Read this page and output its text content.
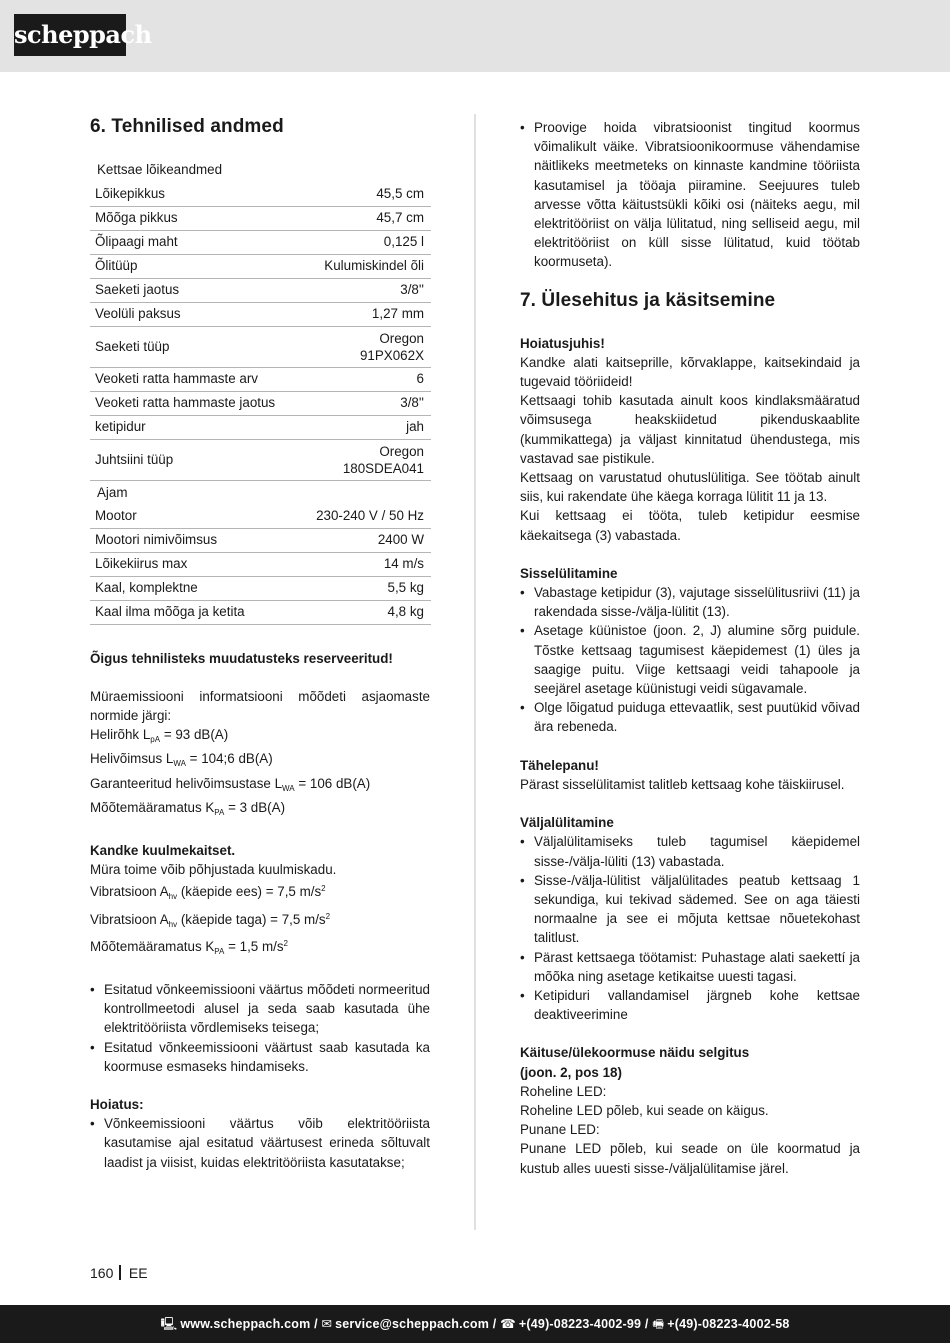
scheppach
6. Tehnilised andmed
Kettsae lõikeandmed	
Lõikepikkus	45,5 cm
Mõõga pikkus	45,7 cm
Õlipaagi maht	0,125 l
Õlitüüp	Kulumiskindel õli
Saeketi jaotus	3/8''
Veolüli paksus	1,27 mm
Saeketi tüüp	Oregon
91PX062X

Veoketi ratta hammaste arv	6
Veoketi ratta hammaste jaotus	3/8''
ketipidur	jah
Juhtsiini tüüp	Oregon
180SDEA041

Ajam	
Mootor	230-240 V / 50 Hz
Mootori nimivõimsus	2400 W
Lõikekiirus max	14 m/s
Kaal, komplektne	5,5 kg
Kaal ilma mõõga ja ketita	4,8 kg

Õigus tehnilisteks muudatusteks reserveeritud!

Müraemissiooni informatsiooni mõõdeti asjaomaste normide järgi:

Helirõhk $L_{pA} = 93$ dB(A)

Helivõimsus $L_{WA}$ = 104;6 dB(A)

Garanteeritud helivõimsustase $L_{WA} = 106$ dB(A)

Mõõtemääramatus $K_{PA} = 3$ dB(A)

Kandke kuulmekaitset.

Müra toime võib põhjustada kuulmiskadu.

Vibratsioon $A_{hv}$ (käepide ees) = 7,5 $m/s^2$

Vibratsioon $A_{hv}$ (käepide taga) = 7,5 $m/s^2$

Mõõtemääramatus $K_{PA} = 1,5$ $m/s^2$

• Esitatud võnkeemissiooni väärtus mõõdeti normeeritud kontrollmeetodi alusel ja seda saab kasutada ühe elektritööriista võrdlemiseks teisega;
• Esitatud võnkeemissiooni väärtust saab kasutada ka koormuse esmaseks hindamiseks.

Hoiatus:

• Võnkeemissiooni väärtus võib elektritööriista kasutamise ajal esitatud väärtusest erineda sõltuvalt laadist ja viisist, kuidas elektritööriista kasutatakse;
• Proovige hoida vibratsioonist tingitud koormus võimalikult väike. Vibratsioonikoormuse vähendamise näitlikeks meetmeteks on kinnaste kandmine tööriista kasutamisel ja tööaja piiramine. Seejuures tuleb arvesse võtta käitustsükli kõiki osi (näiteks aegu, mil elektritööriist on välja lülitatud, ning selliseid aegu, mil elektritööriist on küll sisse lülitatud, kuid töötab koormuseta).
7. Ülesehitus ja käsitsemine

Hoiatusjuhis!

Kandke alati kaitseprille, kõrvaklappe, kaitsekindaid ja tugevaid tööriideid!

Kettsaagi tohib kasutada ainult koos kindlaksmääratud võimsusega heakskiidetud pikenduskaablite (kummikattega) ja väljast kinnitatud ühendustega, mis vastavad sae pistikule.

Kettsaag on varustatud ohutuslülitiga. See töötab ainult siis, kui rakendate ühe käega korraga lülitit 11 ja 13.

Kui kettsaag ei tööta, tuleb ketipidur eesmise käekaitsega (3) vabastada.

Sisselülitamine

• Vabastage ketipidur (3), vajutage sisselülitusriivi (11) ja rakendada sisse-/välja-lülitit (13).
• Asetage küünistoe (joon. 2, J) alumine sõrg puidule. Tõstke kettsaag tagumisest käepidemest (1) üles ja saagige puitu. Viige kettsaagi veidi tahapoole ja seejärel asetage küünistugi veidi sügavamale.
• Olge lõigatud puiduga ettevaatlik, sest puutükid võivad ära rebeneda.

Tähelepanu!

Pärast sisselülitamist talitleb kettsaag kohe täiskiirusel.

Väljalülitamine

• Väljalülitamiseks tuleb tagumisel käepidemel sisse-/välja-lüliti (13) vabastada.
• Sisse-/välja-lülitist väljalülitades peatub kettsaag 1 sekundiga, kui tekivad sädemed. See on aga täiesti normaalne ja see ei mõjuta kettsae nõuetekohast talitlust.
• Pärast kettsaega töötamist: Puhastage alati saekettí ja mõõka ning asetage ketikaitse uuesti tagasi.
• Ketipiduri vallandamisel järgneb kohe kettsae deaktiveerimine

Käituse/ülekoormuse näidu selgitus

(joon. 2, pos 18)

Roheline LED:

Roheline LED põleb, kui seade on käigus.

Punane LED:

Punane LED põleb, kui seade on üle koormatud ja kustub alles uuesti sisse-/väljalülitamise järel.

160 EE
🖳 www.scheppach.com / ✉ service@scheppach.com / ☎ +(49)-08223-4002-99 / 🖷 +(49)-08223-4002-58
